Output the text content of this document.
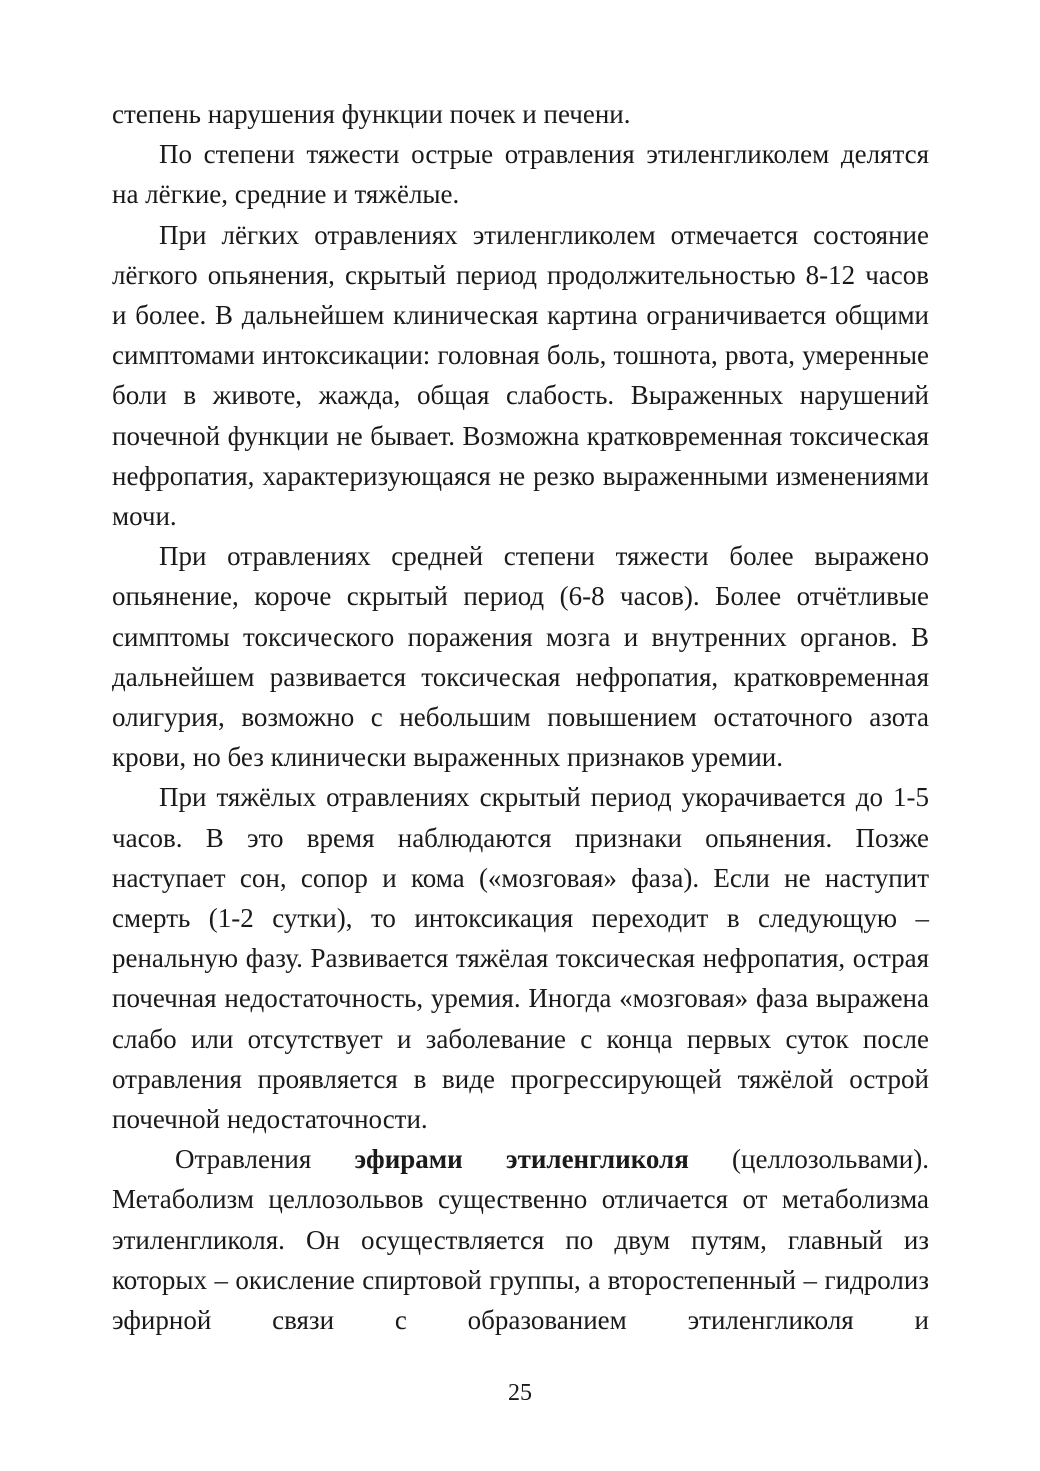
степень нарушения функции почек и печени.

По степени тяжести острые отравления этиленгликолем делятся на лёгкие, средние и тяжёлые.

При лёгких отравлениях этиленгликолем отмечается состояние лёгкого опьянения, скрытый период продолжительностью 8-12 часов и более. В дальнейшем клиническая картина ограничивается общими симптомами интоксикации: головная боль, тошнота, рвота, умеренные боли в животе, жажда, общая слабость. Выраженных нарушений почечной функции не бывает. Возможна кратковременная токсическая нефропатия, характеризующаяся не резко выраженными изменениями мочи.

При отравлениях средней степени тяжести более выражено опьянение, короче скрытый период (6-8 часов). Более отчётливые симптомы токсического поражения мозга и внутренних органов. В дальнейшем развивается токсическая нефропатия, кратковременная олигурия, возможно с небольшим повышением остаточного азота крови, но без клинически выраженных признаков уремии.

При тяжёлых отравлениях скрытый период укорачивается до 1-5 часов. В это время наблюдаются признаки опьянения. Позже наступает сон, сопор и кома («мозговая» фаза). Если не наступит смерть (1-2 сутки), то интоксикация переходит в следующую – ренальную фазу. Развивается тяжёлая токсическая нефропатия, острая почечная недостаточность, уремия. Иногда «мозговая» фаза выражена слабо или отсутствует и заболевание с конца первых суток после отравления проявляется в виде прогрессирующей тяжёлой острой почечной недостаточности.

Отравления эфирами этиленгликоля (целлозольвами). Метаболизм целлозольвов существенно отличается от метаболизма этиленгликоля. Он осуществляется по двум путям, главный из которых – окисление спиртовой группы, а второстепенный – гидролиз эфирной связи с образованием этиленгликоля и

25
